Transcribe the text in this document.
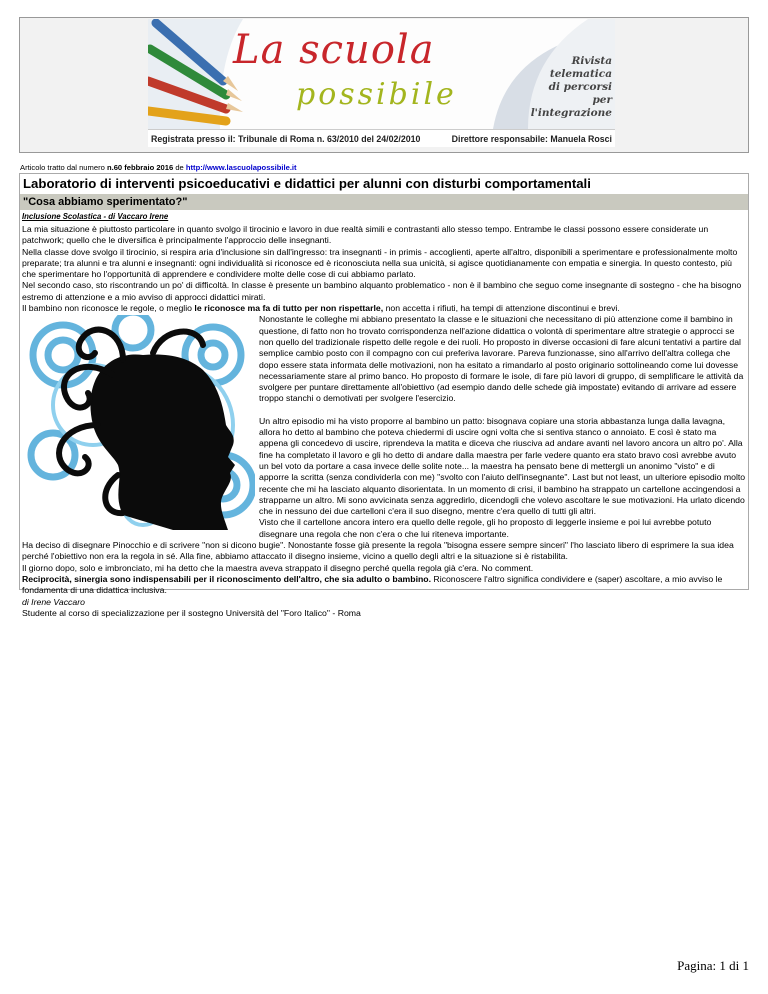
La scuola
possibile
Rivista
telematica
di percorsi
per l'integrazione
Registrata presso il: Tribunale di Roma n. 63/2010 del 24/02/2010	Direttore responsabile: Manuela Rosci
Articolo tratto dal numero n.60 febbraio 2016 de http://www.lascuolapossibile.it
Laboratorio di interventi psicoeducativi e didattici per alunni con disturbi comportamentali
"Cosa abbiamo sperimentato?"
Inclusione Scolastica - di Vaccaro Irene

La mia situazione è piuttosto particolare in quanto svolgo il tirocinio e lavoro in due realtà simili e contrastanti allo stesso tempo. Entrambe le classi possono essere considerate un patchwork; quello che le diversifica è principalmente l'approccio delle insegnanti.

Nella classe dove svolgo il tirocinio, si respira aria d'inclusione sin dall'ingresso: tra insegnanti - in primis - accoglienti, aperte all'altro, disponibili a sperimentare e professionalmente molto preparate; tra alunni e tra alunni e insegnanti: ogni individualità si riconosce ed è riconosciuta nella sua unicità, si agisce quotidianamente con empatia e sinergia. In questo contesto, più che sperimentare ho l'opportunità di apprendere e condividere molte delle cose di cui abbiamo parlato.

Nel secondo caso, sto riscontrando un po' di difficoltà. In classe è presente un bambino alquanto problematico - non è il bambino che seguo come insegnante di sostegno - che ha bisogno estremo di attenzione e a mio avviso di approcci didattici mirati.

Il bambino non riconosce le regole, o meglio le riconosce ma fa di tutto per non rispettarle, non accetta i rifiuti, ha tempi di attenzione discontinui e brevi.

Nonostante le colleghe mi abbiano presentato la classe e le situazioni che necessitano di più attenzione come il bambino in questione, di fatto non ho trovato corrispondenza nell'azione didattica o volontà di sperimentare altre strategie o approcci se non quello del tradizionale rispetto delle regole e dei ruoli. Ho proposto in diverse occasioni di fare alcuni tentativi a partire dal semplice cambio posto con il compagno con cui preferiva lavorare. Pareva funzionasse, sino all'arrivo dell'altra collega che dopo essere stata informata delle motivazioni, non ha esitato a rimandarlo al posto originario sottolineando come lui dovesse necessariamente stare al primo banco. Ho proposto di formare le isole, di fare più lavori di gruppo, di semplificare le attività da svolgere per puntare direttamente all'obiettivo (ad esempio dando delle schede già impostate) evitando di arrivare ad essere troppo stanchi o demotivati per svolgere l'esercizio.

Un altro episodio mi ha visto proporre al bambino un patto: bisognava copiare una storia abbastanza lunga dalla lavagna, allora ho detto al bambino che poteva chiedermi di uscire ogni volta che si sentiva stanco o annoiato. E così è stato ma appena gli concedevo di uscire, riprendeva la matita e diceva che riusciva ad andare avanti nel lavoro ancora un altro po'. Alla fine ha completato il lavoro e gli ho detto di andare dalla maestra per farle vedere quanto era stato bravo così avrebbe avuto un bel voto da portare a casa invece delle solite note... la maestra ha pensato bene di mettergli un anonimo "visto" e di apporre la scritta (senza condividerla con me) "svolto con l'aiuto dell'insegnante". Last but not least, un ulteriore episodio molto recente che mi ha lasciato alquanto disorientata. In un momento di crisi, il bambino ha strappato un cartellone accingendosi a strapparne un altro. Mi sono avvicinata senza aggredirlo, dicendogli che volevo ascoltare le sue motivazioni. Ha urlato dicendo che in nessuno dei due cartelloni c'era il suo disegno, mentre c'era quello di tutti gli altri.

Visto che il cartellone ancora intero era quello delle regole, gli ho proposto di leggerle insieme e poi lui avrebbe potuto disegnare una regola che non c'era o che lui riteneva importante.

Ha deciso di disegnare Pinocchio e di scrivere "non si dicono bugie". Nonostante fosse già presente la regola "bisogna essere sempre sinceri" l'ho lasciato libero di esprimere la sua idea perché l'obiettivo non era la regola in sé. Alla fine, abbiamo attaccato il disegno insieme, vicino a quello degli altri e la situazione si è ristabilita.

Il giorno dopo, solo e imbronciato, mi ha detto che la maestra aveva strappato il disegno perché quella regola già c'era. No comment.

Reciprocità, sinergia sono indispensabili per il riconoscimento dell'altro, che sia adulto o bambino. Riconoscere l'altro significa condividere e (saper) ascoltare, a mio avviso le fondamenta di una didattica inclusiva.

di Irene Vaccaro

Studente al corso di specializzazione per il sostegno Università del "Foro Italico" - Roma

Pagina: 1 di 1
